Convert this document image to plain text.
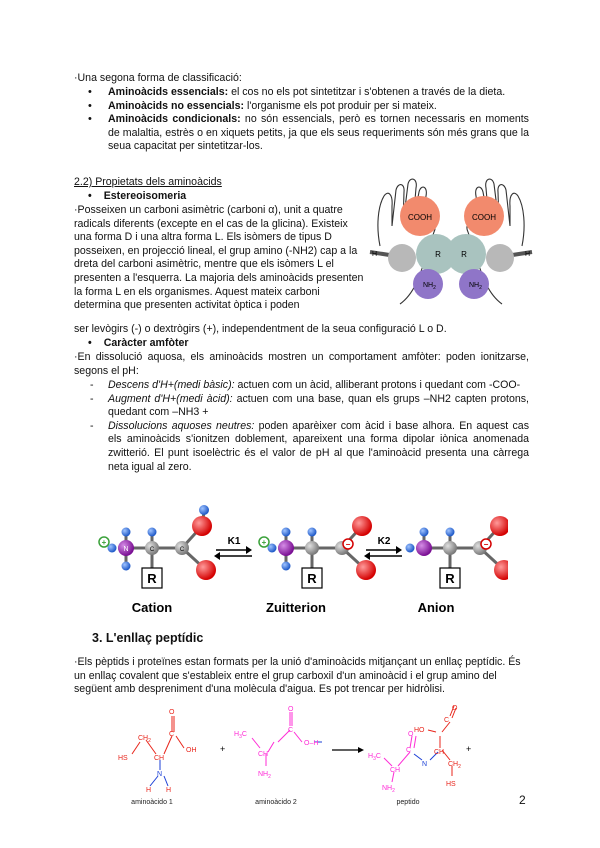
·Una segona forma de classificació:

• Aminoàcids essencials: el cos no els pot sintetitzar i s'obtenen a través de la dieta.
• Aminoàcids no essencials: l'organisme els pot produir per si mateix.
• Aminoàcids condicionals: no són essencials, però es tornen necessaris en moments de malaltia, estrès o en xiquets petits, ja que els seus requeriments són més grans que la seua capacitat per sintetitzar-los.

2.2) Propietats dels aminoàcids

• Estereoisomeria

·Posseixen un carboni asimètric (carboni α), unit a quatre radicals diferents (excepte en el cas de la glicina). Existeix una forma D i una altra forma L. Els isòmers de tipus D posseixen, en projecció lineal, el grup amino (-NH2) cap a la dreta del carboni asimètric, mentre que els isòmers L el presenten a l'esquerra. La majoria dels aminoàcids presenten la forma L en els organismes. Aquest mateix carboni determina que presenten activitat òptica i poden

ser levògirs (-) o dextrògirs (+), independentment de la seua configuració L o D.

COOH
R
H
$NH_2$
COOH
R	H
$NH_2$

• Caràcter amfòter

·En dissolució aquosa, els aminoàcids mostren un comportament amfòter: poden ionitzarse, segons el pH:

- Descens d'H+(medi bàsic): actuen com un àcid, alliberant protons i quedant com -COO-
- Augment d'H+(medi àcid): actuen com una base, quan els grups –NH2 capten protons, quedant com –NH3 +
- Dissolucions aquoses neutres: poden aparèixer com àcid i base alhora. En aquest cas els aminoàcids s'ionitzen doblement, apareixent una forma dipolar iònica anomenada zwitterió. El punt isoelèctric és el valor de pH al que l'aminoàcid presenta una càrrega neta igual al zero.
R
N	C	C
+	K1
R
−
+	K2
R
−
Cation	Zuitterion	Anion

3. L'enllaç peptídic

·Els pèptids i proteïnes estan formats per la unió d'aminoàcids mitjançant un enllaç peptídic. És un enllaç covalent que s'estableix entre el grup carboxil d'un aminoàcid i el grup amino del següent amb despreniment d'una molècula d'aigua. Es pot trencar per hidròlisi.

HS
$CH_2$
CH
C
O
OH
N
H H
aminoàcido 1
+
$H_3C$
CH
C
O
O–H
$NH_2$
aminoàcido 2
HO
C
O
CH
O
C
N
$H_3C$
CH
$NH_2$
$CH_2$
HS
peptido
+

2
